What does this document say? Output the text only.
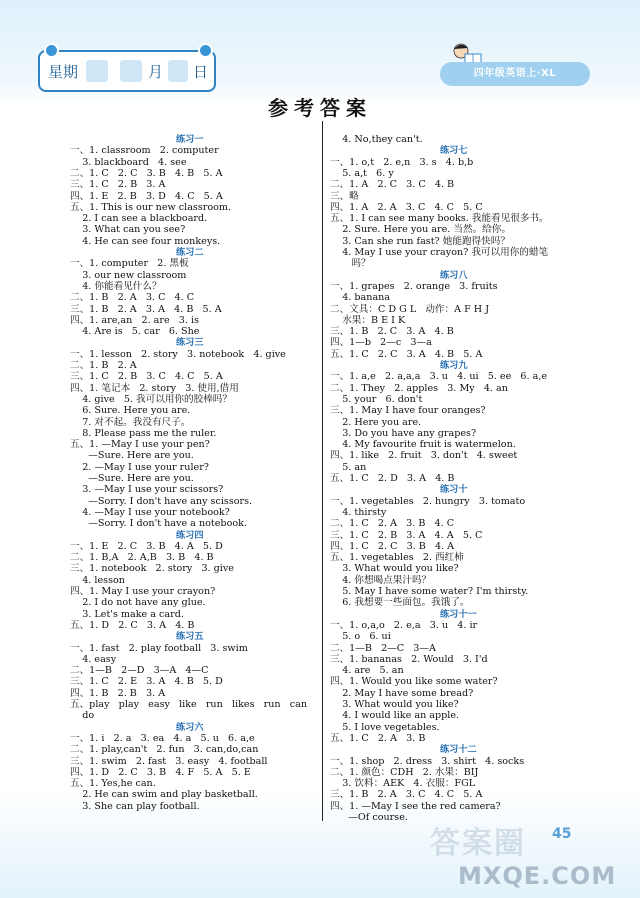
星期	月 日	四年级英语上·XL
参考答案
练习一
一、1. classroom   2. computer
3. blackboard   4. see
二、1. C   2. C   3. B   4. B   5. A
三、1. C   2. B   3. A
四、1. E   2. B   3. D   4. C   5. A
五、1. This is our new classroom.
2. I can see a blackboard.
3. What can you see?
4. He can see four monkeys.
练习二
一、1. computer   2. 黑板
3. our new classroom
4. 你能看见什么？
二、1. B   2. A   3. C   4. C
三、1. B   2. A   3. A   4. B   5. A
四、1. are,an   2. are   3. is
4. Are is   5. car   6. She
练习三
一、1. lesson   2. story   3. notebook   4. give
二、1. B   2. A
三、1. C   2. B   3. C   4. C   5. A
四、1. 笔记本   2. story   3. 使用,借用
4. give   5. 我可以用你的胶棒吗？
6. Sure. Here you are.
7. 对不起。我没有尺子。
8. Please pass me the ruler.
五、1. —May I use your pen?
—Sure. Here are you.
2. —May I use your ruler?
—Sure. Here are you.
3. —May I use your scissors?
—Sorry. I don't have any scissors.
4. —May I use your notebook?
—Sorry. I don't have a notebook.
练习四
一、1. E   2. C   3. B   4. A   5. D
二、1. B,A   2. A,B   3. B   4. B
三、1. notebook   2. story   3. give
4. lesson
四、1. May I use your crayon?
2. I do not have any glue.
3. Let's make a card.
五、1. D   2. C   3. A   4. B
练习五
一、1. fast   2. play football   3. swim
4. easy
二、1—B   2—D   3—A   4—C
三、1. C   2. E   3. A   4. B   5. D
四、1. B   2. B   3. A
五、play   play   easy   like   run   likes   run   can
do
练习六
一、1. i   2. a   3. ea   4. a   5. u   6. a,e
二、1. play,can't   2. fun   3. can,do,can
三、1. swim   2. fast   3. easy   4. football
四、1. D   2. C   3. B   4. F   5. A   5. E
五、1. Yes,he can.
2. He can swim and play basketball.
3. She can play football.
4. No,they can't.
练习七
一、1. o,t   2. e,n   3. s   4. b,b
5. a,t   6. y
二、1. A   2. C   3. C   4. B
三、略
四、1. A   2. A   3. C   4. C   5. C
五、1. I can see many books. 我能看见很多书。
2. Sure. Here you are. 当然。给你。
3. Can she run fast? 她能跑得快吗？
4. May I use your crayon? 我可以用你的蜡笔
吗？
练习八
一、1. grapes   2. orange   3. fruits
4. banana
二、文具：C D G L   动作：A F H J
水果：B E I K
三、1. B   2. C   3. A   4. B
四、1—b   2—c   3—a
五、1. C   2. C   3. A   4. B   5. A
练习九
一、1. a,e   2. a,a,a   3. u   4. ui   5. ee   6. a,e
二、1. They   2. apples   3. My   4. an
5. your   6. don't
三、1. May I have four oranges?
2. Here you are.
3. Do you have any grapes?
4. My favourite fruit is watermelon.
四、1. like   2. fruit   3. don't   4. sweet
5. an
五、1. C   2. D   3. A   4. B
练习十
一、1. vegetables   2. hungry   3. tomato
4. thirsty
二、1. C   2. A   3. B   4. C
三、1. C   2. B   3. A   4. A   5. C
四、1. C   2. C   3. B   4. A
五、1. vegetables   2. 西红柿
3. What would you like?
4. 你想喝点果汁吗？
5. May I have some water? I'm thirsty.
6. 我想要一些面包。我饿了。
练习十一
一、1. o,a,o   2. e,a   3. u   4. ir
5. o   6. ui
二、1—B   2—C   3—A
三、1. bananas   2. Would   3. I'd
4. are   5. an
四、1. Would you like some water?
2. May I have some bread?
3. What would you like?
4. I would like an apple.
5. I love vegetables.
五、1. C   2. A   3. B
练习十二
一、1. shop   2. dress   3. shirt   4. socks
二、1. 颜色：CDH   2. 水果：BIJ
3. 饮料：AEK   4. 衣服：FGL
三、1. B   2. A   3. C   4. C   5. A
四、1. —May I see the red camera?
—Of course.
答案圈
MXQE.COM
45
